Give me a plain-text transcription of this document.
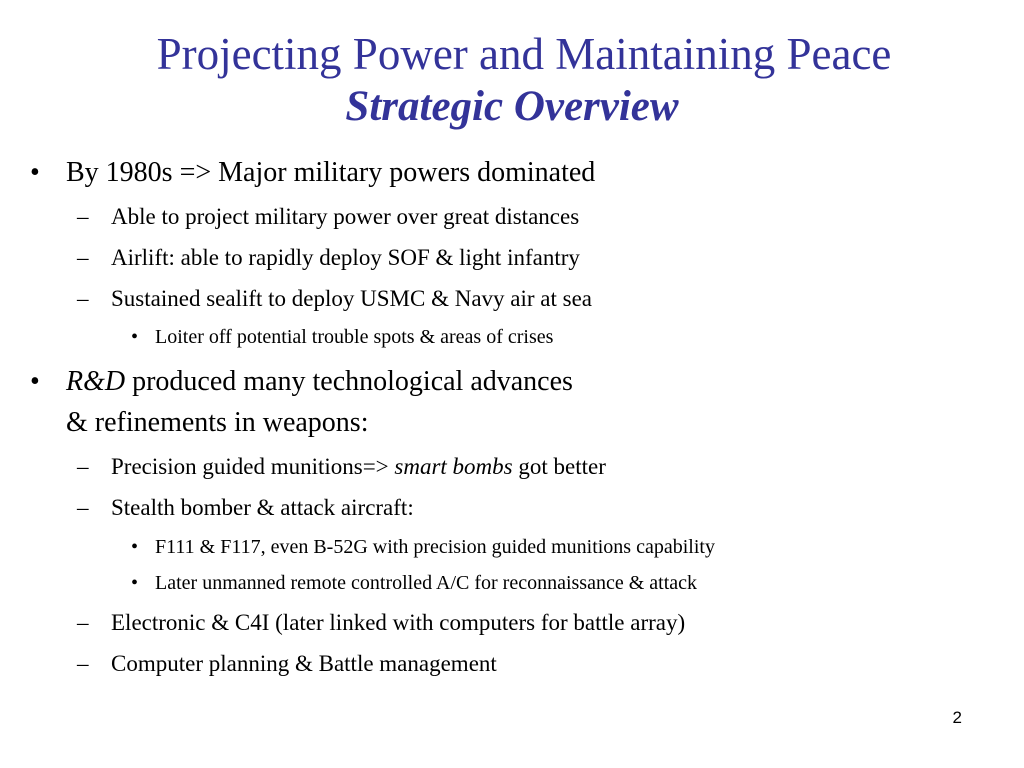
Projecting Power and Maintaining Peace
Strategic Overview
• By 1980s => Major military powers dominated
– Able to project military power over great distances
– Airlift: able to rapidly deploy SOF & light infantry
– Sustained sealift to deploy USMC & Navy air at sea
• Loiter off potential trouble spots & areas of crises
• R&D produced many technological advances
& refinements in weapons:
– Precision guided munitions=> smart bombs got better
– Stealth bomber & attack aircraft:
• F111 & F117, even B-52G with precision guided munitions capability
• Later unmanned remote controlled A/C for reconnaissance & attack
– Electronic & C4I (later linked with computers for battle array)
– Computer planning & Battle management
2
